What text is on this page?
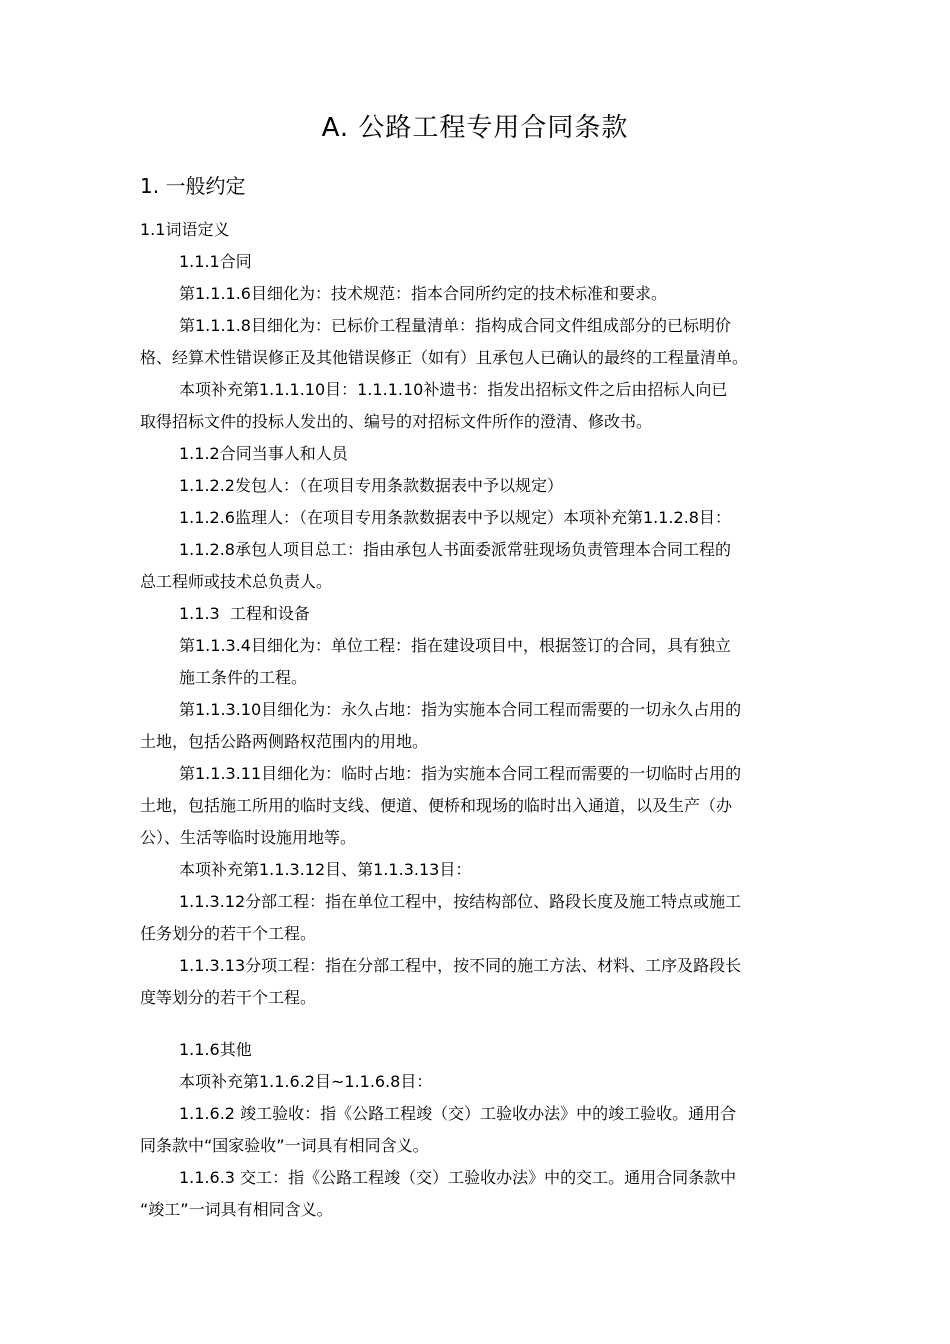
A. 公路工程专用合同条款
1. 一般约定

1.1词语定义

1.1.1合同

第1.1.1.6目细化为：技术规范：指本合同所约定的技术标准和要求。

第1.1.1.8目细化为：已标价工程量清单：指构成合同文件组成部分的已标明价

格、经算术性错误修正及其他错误修正（如有）且承包人已确认的最终的工程量清单。

本项补充第1.1.1.10目：1.1.1.10补遗书：指发出招标文件之后由招标人向已

取得招标文件的投标人发出的、编号的对招标文件所作的澄清、修改书。

1.1.2合同当事人和人员

1.1.2.2发包人：（在项目专用条款数据表中予以规定）

1.1.2.6监理人：（在项目专用条款数据表中予以规定）本项补充第1.1.2.8目：

1.1.2.8承包人项目总工：指由承包人书面委派常驻现场负责管理本合同工程的

总工程师或技术总负责人。

1.1.3  工程和设备

第1.1.3.4目细化为：单位工程：指在建设项目中，根据签订的合同，具有独立

施工条件的工程。

第1.1.3.10目细化为：永久占地：指为实施本合同工程而需要的一切永久占用的

土地，包括公路两侧路权范围内的用地。

第1.1.3.11目细化为：临时占地：指为实施本合同工程而需要的一切临时占用的

土地，包括施工所用的临时支线、便道、便桥和现场的临时出入通道，以及生产（办

公）、生活等临时设施用地等。

本项补充第1.1.3.12目、第1.1.3.13目：

1.1.3.12分部工程：指在单位工程中，按结构部位、路段长度及施工特点或施工

任务划分的若干个工程。

1.1.3.13分项工程：指在分部工程中，按不同的施工方法、材料、工序及路段长

度等划分的若干个工程。

1.1.6其他

本项补充第1.1.6.2目~1.1.6.8目：

1.1.6.2 竣工验收：指《公路工程竣（交）工验收办法》中的竣工验收。通用合

同条款中“国家验收”一词具有相同含义。

1.1.6.3 交工：指《公路工程竣（交）工验收办法》中的交工。通用合同条款中

“竣工”一词具有相同含义。
